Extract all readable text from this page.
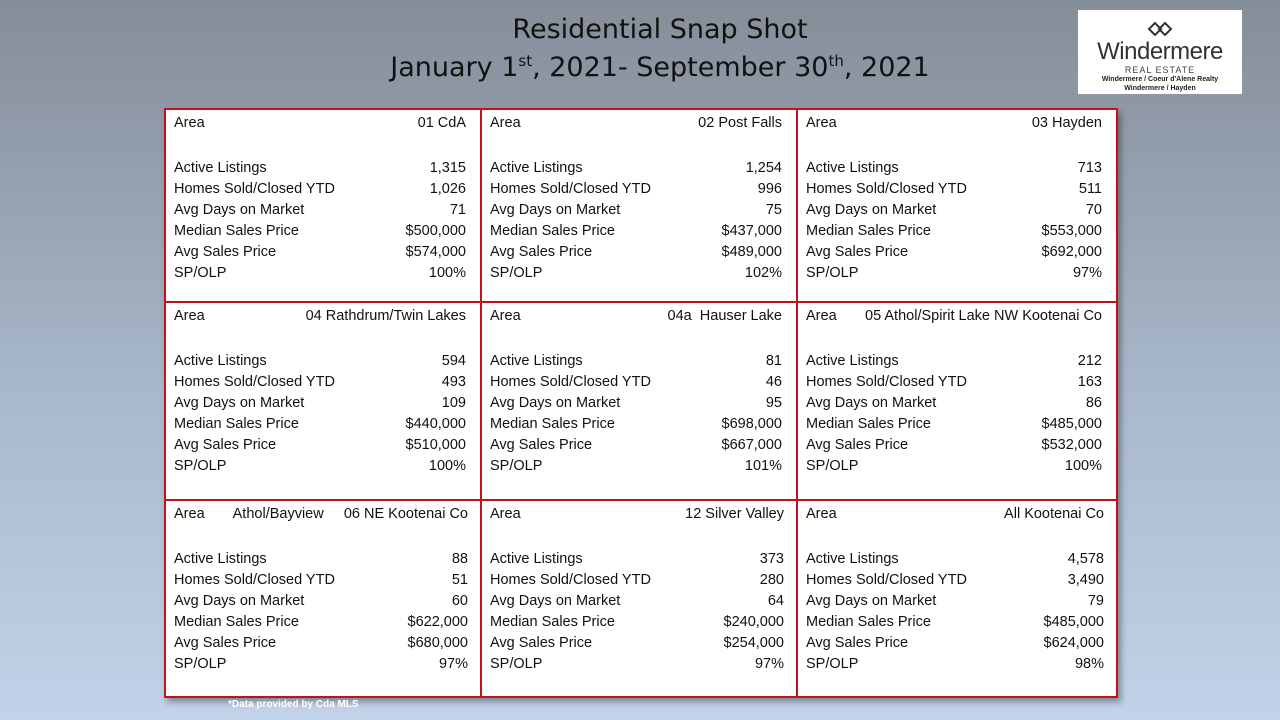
Residential Snap Shot
January 1st, 2021- September 30th, 2021
Windermere
REAL ESTATE
Windermere / Coeur d'Alene Realty
Windermere / Hayden
Area	01 CdA
Active Listings	1,315
Homes Sold/Closed YTD	1,026
Avg Days on Market	71
Median Sales Price	$500,000
Avg Sales Price	$574,000
SP/OLP	100%
Area	02 Post Falls
Active Listings	1,254
Homes Sold/Closed YTD	996
Avg Days on Market	75
Median Sales Price	$437,000
Avg Sales Price	$489,000
SP/OLP	102%
Area	03 Hayden
Active Listings	713
Homes Sold/Closed YTD	511
Avg Days on Market	70
Median Sales Price	$553,000
Avg Sales Price	$692,000
SP/OLP	97%
Area	04 Rathdrum/Twin Lakes
Active Listings	594
Homes Sold/Closed YTD	493
Avg Days on Market	109
Median Sales Price	$440,000
Avg Sales Price	$510,000
SP/OLP	100%
Area	04a  Hauser Lake
Active Listings	81
Homes Sold/Closed YTD	46
Avg Days on Market	95
Median Sales Price	$698,000
Avg Sales Price	$667,000
SP/OLP	101%
Area 05 Athol/Spirit Lake NW Kootenai Co
Active Listings	212
Homes Sold/Closed YTD	163
Avg Days on Market	86
Median Sales Price	$485,000
Avg Sales Price	$532,000
SP/OLP	100%
Area Athol/Bayview     06 NE Kootenai Co
Active Listings	88
Homes Sold/Closed YTD	51
Avg Days on Market	60
Median Sales Price	$622,000
Avg Sales Price	$680,000
SP/OLP	97%
Area	12 Silver Valley
Active Listings	373
Homes Sold/Closed YTD	280
Avg Days on Market	64
Median Sales Price	$240,000
Avg Sales Price	$254,000
SP/OLP	97%
Area	All Kootenai Co
Active Listings	4,578
Homes Sold/Closed YTD	3,490
Avg Days on Market	79
Median Sales Price	$485,000
Avg Sales Price	$624,000
SP/OLP	98%
*Data provided by Cda MLS
